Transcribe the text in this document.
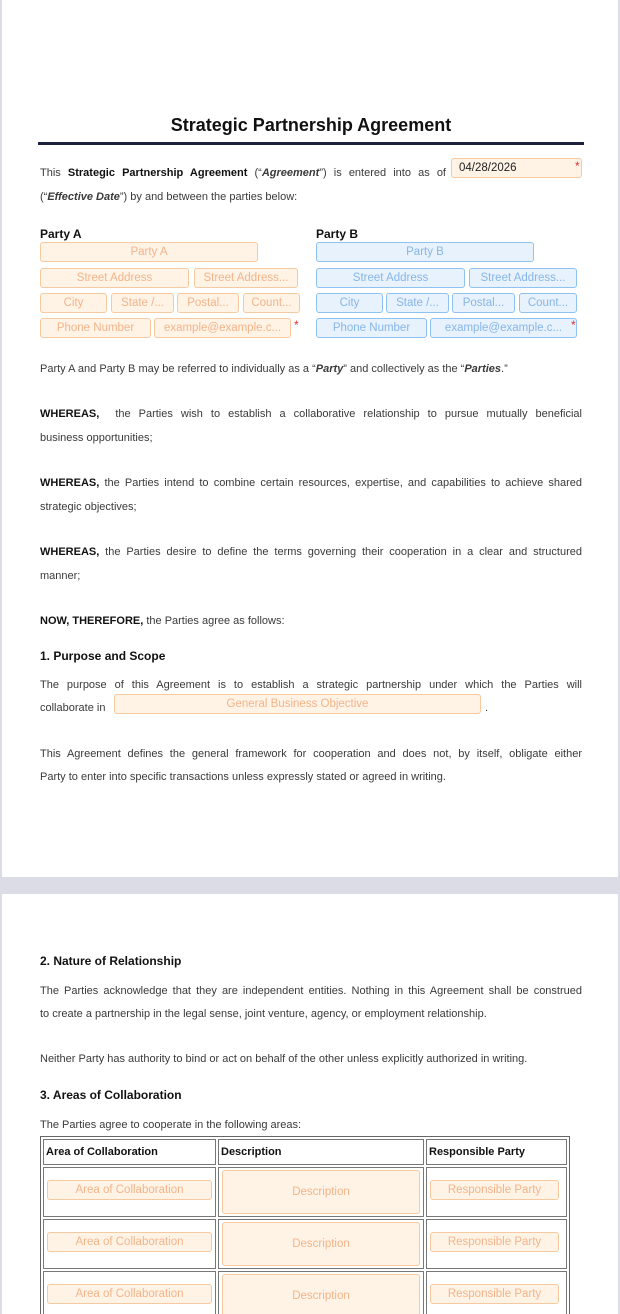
Strategic Partnership Agreement
This Strategic Partnership Agreement (“Agreement”) is entered into as of	04/28/2026	*
(“Effective Date”) by and between the parties below:
Party A
Party A
Street Address	Street Address...
City	State /...	Postal...	Count...
Phone Number	example@example.c...	*
Party B
Party B
Street Address	Street Address...
City	State /...	Postal...	Count...
Phone Number	example@example.c... *
Party A and Party B may be referred to individually as a “Party” and collectively as the “Parties.”
WHEREAS, the Parties wish to establish a collaborative relationship to pursue mutually beneficial
business opportunities;
WHEREAS, the Parties intend to combine certain resources, expertise, and capabilities to achieve shared
strategic objectives;
WHEREAS, the Parties desire to define the terms governing their cooperation in a clear and structured
manner;
NOW, THEREFORE, the Parties agree as follows:
1. Purpose and Scope
The purpose of this Agreement is to establish a strategic partnership under which the Parties will
collaborate in	General Business Objective	.
This Agreement defines the general framework for cooperation and does not, by itself, obligate either
Party to enter into specific transactions unless expressly stated or agreed in writing.
2. Nature of Relationship
The Parties acknowledge that they are independent entities. Nothing in this Agreement shall be construed
to create a partnership in the legal sense, joint venture, agency, or employment relationship.
Neither Party has authority to bind or act on behalf of the other unless explicitly authorized in writing.
3. Areas of Collaboration
The Parties agree to cooperate in the following areas:
Area of Collaboration	Description	Responsible Party

Area of Collaboration	Description	Responsible Party

Area of Collaboration	Description	Responsible Party

Area of Collaboration	Description	Responsible Party
